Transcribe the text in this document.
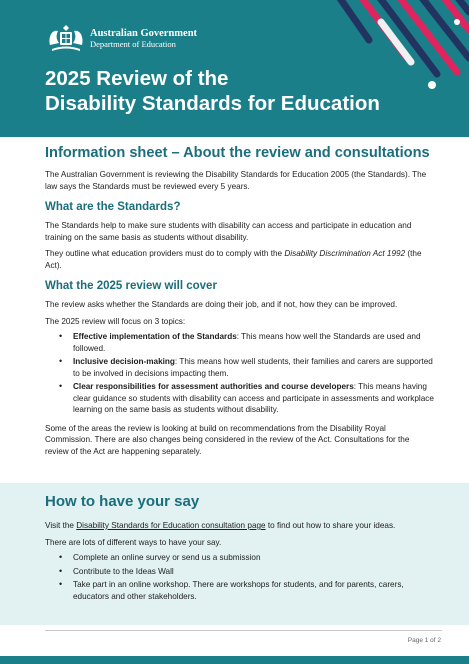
Australian Government
Department of Education
2025 Review of the
Disability Standards for Education
Information sheet – About the review and consultations

The Australian Government is reviewing the Disability Standards for Education 2005 (the Standards). The law says the Standards must be reviewed every 5 years.

What are the Standards?

The Standards help to make sure students with disability can access and participate in education and training on the same basis as students without disability.

They outline what education providers must do to comply with the Disability Discrimination Act 1992 (the Act).

What the 2025 review will cover

The review asks whether the Standards are doing their job, and if not, how they can be improved.

The 2025 review will focus on 3 topics:

• Effective implementation of the Standards: This means how well the Standards are used and followed.
• Inclusive decision-making: This means how well students, their families and carers are supported to be involved in decisions impacting them.
• Clear responsibilities for assessment authorities and course developers: This means having clear guidance so students with disability can access and participate in assessments and workplace learning on the same basis as students without disability.

Some of the areas the review is looking at build on recommendations from the Disability Royal Commission. There are also changes being considered in the review of the Act. Consultations for the review of the Act are happening separately.

How to have your say

Visit the Disability Standards for Education consultation page to find out how to share your ideas.

There are lots of different ways to have your say.

• Complete an online survey or send us a submission
• Contribute to the Ideas Wall
• Take part in an online workshop. There are workshops for students, and for parents, carers, educators and other stakeholders.
Page 1 of 2
